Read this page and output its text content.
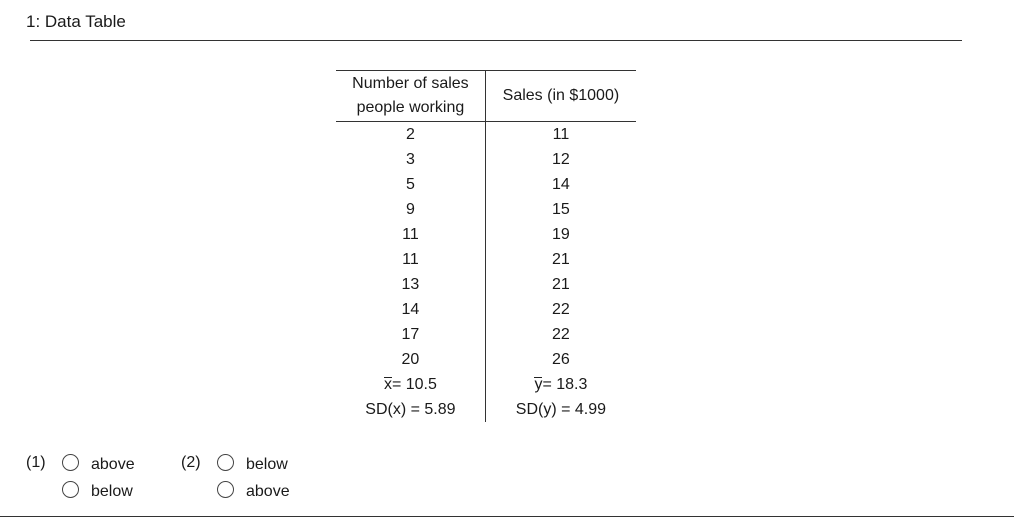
1: Data Table
Number of sales people working	Sales (in $1000)
2	11
3	12
5	14
9	15
11	19
11	21
13	21
14	22
17	22
20	26
x= 10.5	y= 18.3
SD(x) = 5.89	SD(y) = 4.99
(1)	above
below
(2)	below
above
